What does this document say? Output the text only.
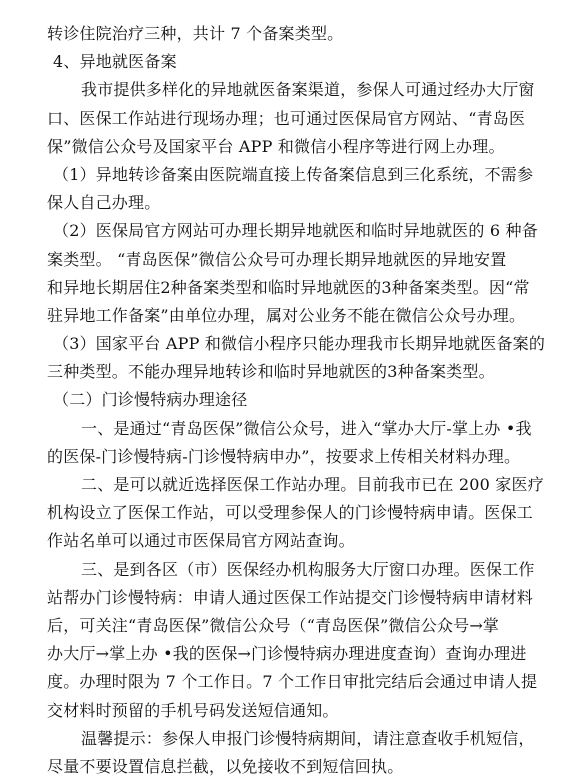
转诊住院治疗三种，共计 7 个备案类型。
4、异地就医备案
我市提供多样化的异地就医备案渠道，参保人可通过经办大厅窗
口、医保工作站进行现场办理；也可通过医保局官方网站、“青岛医
保”微信公众号及国家平台 APP 和微信小程序等进行网上办理。
（1）异地转诊备案由医院端直接上传备案信息到三化系统，不需参
保人自己办理。
（2）医保局官方网站可办理长期异地就医和临时异地就医的 6 种备
案类型。 “青岛医保”微信公众号可办理长期异地就医的异地安置
和异地长期居住2种备案类型和临时异地就医的3种备案类型。因“常
驻异地工作备案”由单位办理，属对公业务不能在微信公众号办理。
（3）国家平台 APP 和微信小程序只能办理我市长期异地就医备案的
三种类型。不能办理异地转诊和临时异地就医的3种备案类型。
（二）门诊慢特病办理途径
一、是通过“青岛医保”微信公众号，进入“掌办大厅-掌上办 •我
的医保-门诊慢特病-门诊慢特病申办”，按要求上传相关材料办理。
二、是可以就近选择医保工作站办理。目前我市已在 200 家医疗
机构设立了医保工作站，可以受理参保人的门诊慢特病申请。医保工
作站名单可以通过市医保局官方网站查询。
三、是到各区（市）医保经办机构服务大厅窗口办理。医保工作
站帮办门诊慢特病：申请人通过医保工作站提交门诊慢特病申请材料
后，可关注“青岛医保”微信公众号（“青岛医保”微信公众号→掌
办大厅→掌上办 •我的医保→门诊慢特病办理进度查询）查询办理进
度。办理时限为 7 个工作日。7 个工作日审批完结后会通过申请人提
交材料时预留的手机号码发送短信通知。
温馨提示：参保人申报门诊慢特病期间，请注意查收手机短信，
尽量不要设置信息拦截，以免接收不到短信回执。
